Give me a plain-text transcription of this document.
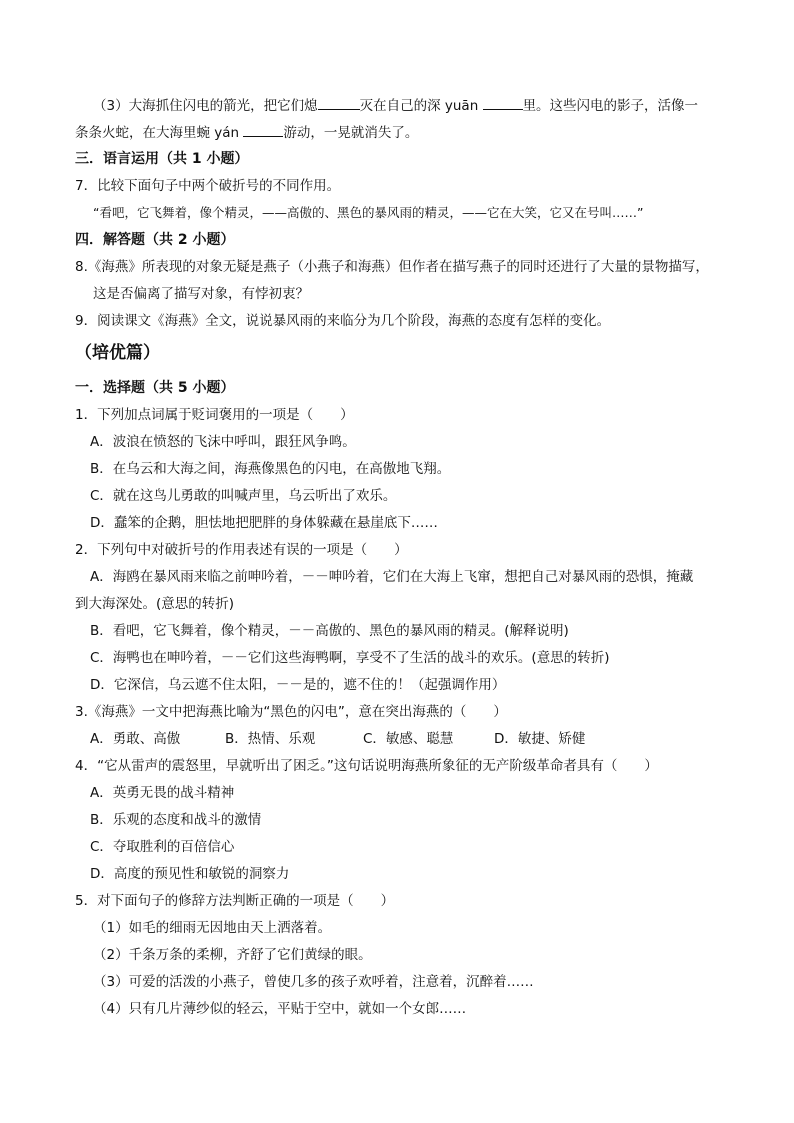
（3）大海抓住闪电的箭光，把它们熄	灭在自己的深 yuān	里。这些闪电的影子，活像一
条条火蛇，在大海里蜿 yán	游动，一晃就消失了。
三．语言运用（共 1 小题）
7．比较下面句子中两个破折号的不同作用。
“看吧，它飞舞着，像个精灵，——高傲的、黑色的暴风雨的精灵，——它在大笑，它又在号叫……”
四．解答题（共 2 小题）
8.《海燕》所表现的对象无疑是燕子（小燕子和海燕）但作者在描写燕子的同时还进行了大量的景物描写，
这是否偏离了描写对象，有悖初衷？
9．阅读课文《海燕》全文，说说暴风雨的来临分为几个阶段，海燕的态度有怎样的变化。
（培优篇）
一．选择题（共 5 小题）
1．下列加点词属于贬词褒用的一项是（　　）
A．波浪在愤怒的飞沫中呼叫，跟狂风争鸣。
B．在乌云和大海之间，海燕像黑色的闪电，在高傲地飞翔。
C．就在这鸟儿勇敢的叫喊声里，乌云听出了欢乐。
D．蠢笨的企鹅，胆怯地把肥胖的身体躲藏在悬崖底下……
2．下列句中对破折号的作用表述有误的一项是（　　）
A．海鸥在暴风雨来临之前呻吟着，－－呻吟着，它们在大海上飞窜，想把自己对暴风雨的恐惧，掩藏
到大海深处。(意思的转折)
B．看吧，它飞舞着，像个精灵，－－高傲的、黑色的暴风雨的精灵。(解释说明)
C．海鸭也在呻吟着，－－它们这些海鸭啊，享受不了生活的战斗的欢乐。(意思的转折)
D．它深信，乌云遮不住太阳，－－是的，遮不住的！（起强调作用）
3.《海燕》一文中把海燕比喻为“黑色的闪电”，意在突出海燕的（　　）
A．勇敢、高傲	B．热情、乐观	C．敏感、聪慧	D．敏捷、矫健
4．“它从雷声的震怒里，早就听出了困乏。”这句话说明海燕所象征的无产阶级革命者具有（　　）
A．英勇无畏的战斗精神
B．乐观的态度和战斗的激情
C．夺取胜利的百倍信心
D．高度的预见性和敏锐的洞察力
5．对下面句子的修辞方法判断正确的一项是（　　）
（1）如毛的细雨无因地由天上洒落着。
（2）千条万条的柔柳，齐舒了它们黄绿的眼。
（3）可爱的活泼的小燕子，曾使几多的孩子欢呼着，注意着，沉醉着……
（4）只有几片薄纱似的轻云，平贴于空中，就如一个女郎……
